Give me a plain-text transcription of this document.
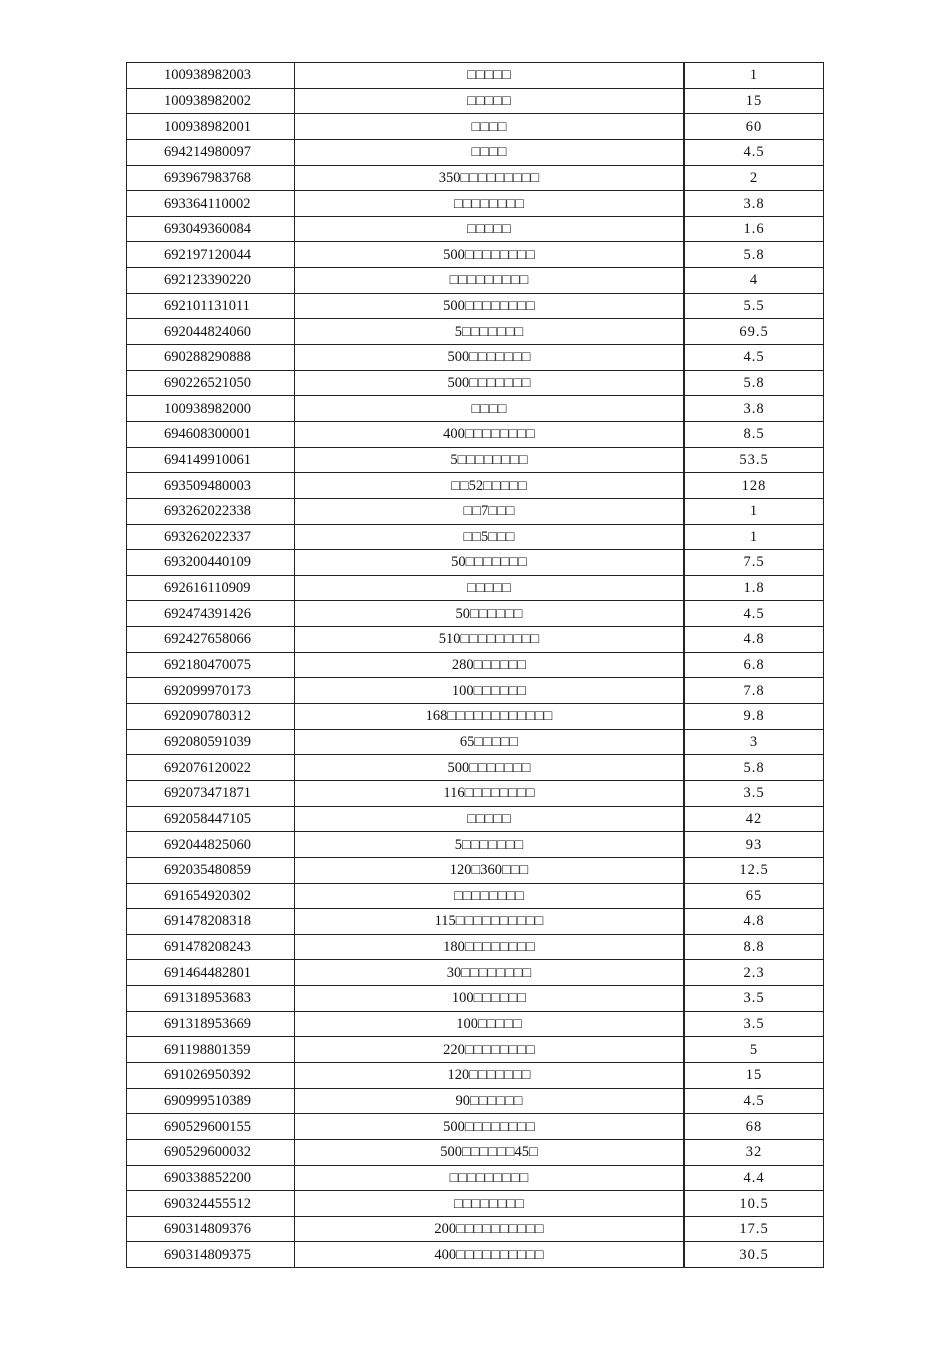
100938982003	□□□□□	1
100938982002	□□□□□	15
100938982001	□□□□	60
694214980097	□□□□	4.5
693967983768	350□□□□□□□□□	2
693364110002	□□□□□□□□	3.8
693049360084	□□□□□	1.6
692197120044	500□□□□□□□□	5.8
692123390220	□□□□□□□□□	4
692101131011	500□□□□□□□□	5.5
692044824060	5□□□□□□□	69.5
690288290888	500□□□□□□□	4.5
690226521050	500□□□□□□□	5.8
100938982000	□□□□	3.8
694608300001	400□□□□□□□□	8.5
694149910061	5□□□□□□□□	53.5
693509480003	□□52□□□□□	128
693262022338	□□7□□□	1
693262022337	□□5□□□	1
693200440109	50□□□□□□□	7.5
692616110909	□□□□□	1.8
692474391426	50□□□□□□	4.5
692427658066	510□□□□□□□□□	4.8
692180470075	280□□□□□□	6.8
692099970173	100□□□□□□	7.8
692090780312	168□□□□□□□□□□□□	9.8
692080591039	65□□□□□	3
692076120022	500□□□□□□□	5.8
692073471871	116□□□□□□□□	3.5
692058447105	□□□□□	42
692044825060	5□□□□□□□	93
692035480859	120□360□□□	12.5
691654920302	□□□□□□□□	65
691478208318	115□□□□□□□□□□	4.8
691478208243	180□□□□□□□□	8.8
691464482801	30□□□□□□□□	2.3
691318953683	100□□□□□□	3.5
691318953669	100□□□□□	3.5
691198801359	220□□□□□□□□	5
691026950392	120□□□□□□□	15
690999510389	90□□□□□□	4.5
690529600155	500□□□□□□□□	68
690529600032	500□□□□□□45□	32
690338852200	□□□□□□□□□	4.4
690324455512	□□□□□□□□	10.5
690314809376	200□□□□□□□□□□	17.5
690314809375	400□□□□□□□□□□	30.5
